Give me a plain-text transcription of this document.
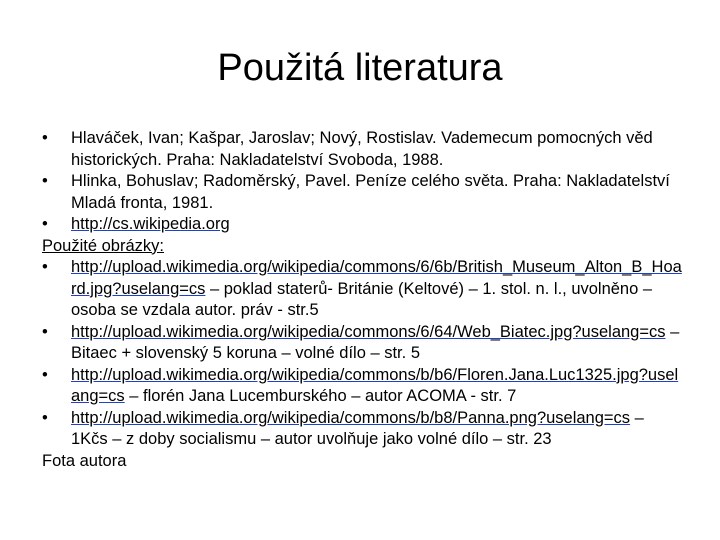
Použitá literatura
• Hlaváček, Ivan; Kašpar, Jaroslav; Nový, Rostislav. Vademecum pomocných věd historických. Praha: Nakladatelství Svoboda, 1988.
• Hlinka, Bohuslav; Radoměrský, Pavel. Peníze celého světa. Praha: Nakladatelství Mladá fronta, 1981.
• http://cs.wikipedia.org
Použité obrázky:
• http://upload.wikimedia.org/wikipedia/commons/6/6b/British_Museum_Alton_B_Hoard.jpg?uselang=cs – poklad staterů- Británie (Keltové) – 1. stol. n. l., uvolněno – osoba se vzdala autor. práv - str.5
• http://upload.wikimedia.org/wikipedia/commons/6/64/Web_Biatec.jpg?uselang=cs – Bitaec + slovenský 5 koruna – volné dílo – str. 5
• http://upload.wikimedia.org/wikipedia/commons/b/b6/Floren.Jana.Luc1325.jpg?uselang=cs – florén Jana Lucemburského – autor ACOMA - str. 7
• http://upload.wikimedia.org/wikipedia/commons/b/b8/Panna.png?uselang=cs – 1Kčs – z doby socialismu – autor uvolňuje jako volné dílo – str. 23
Fota autora
